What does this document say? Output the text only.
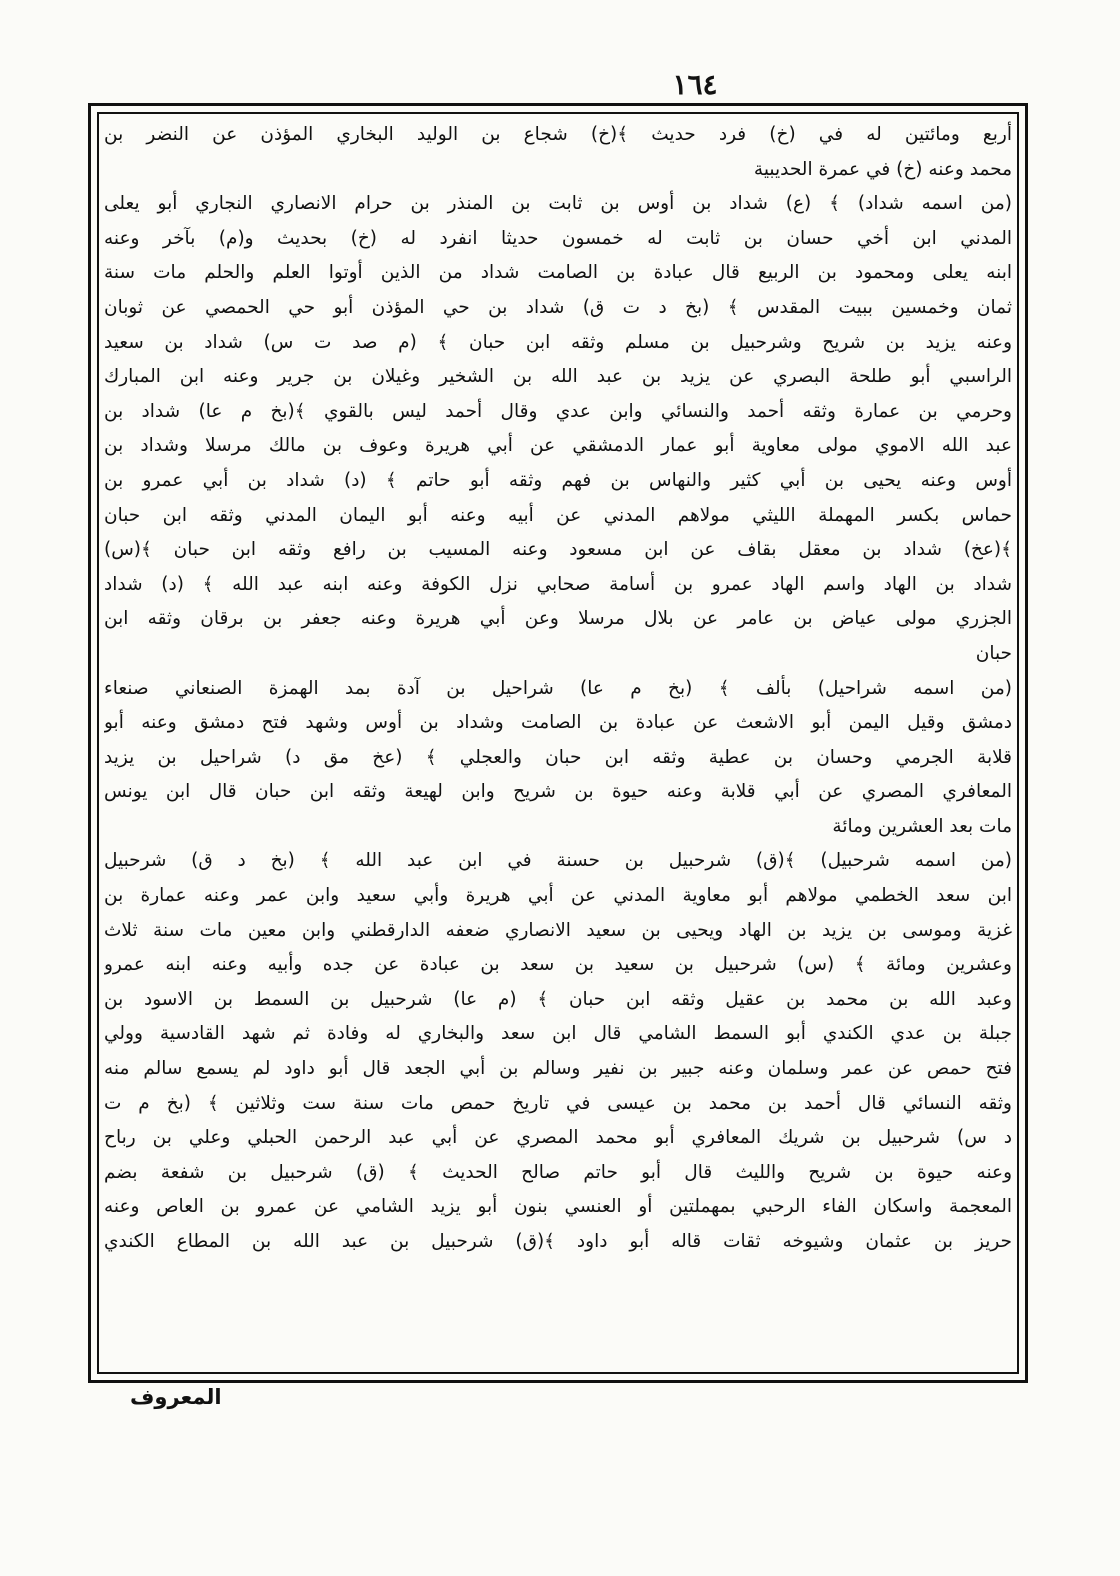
١٦٤
أربع ومائتين له في (خ) فرد حديث ﴾(خ) شجاع بن الوليد البخاري المؤذن عن النضر بن
محمد وعنه (خ) في عمرة الحديبية
(من اسمه شداد) ﴾ (ع) شداد بن أوس بن ثابت بن المنذر بن حرام الانصاري النجاري أبو يعلى
المدني ابن أخي حسان بن ثابت له خمسون حديثا انفرد له (خ) بحديث و(م) بآخر وعنه
ابنه يعلى ومحمود بن الربيع قال عبادة بن الصامت شداد من الذين أوتوا العلم والحلم مات سنة
ثمان وخمسين ببيت المقدس ﴾ (بخ د ت ق) شداد بن حي المؤذن أبو حي الحمصي عن ثوبان
وعنه يزيد بن شريح وشرحبيل بن مسلم وثقه ابن حبان ﴾ (م صد ت س) شداد بن سعيد
الراسبي أبو طلحة البصري عن يزيد بن عبد الله بن الشخير وغيلان بن جرير وعنه ابن المبارك
وحرمي بن عمارة وثقه أحمد والنسائي وابن عدي وقال أحمد ليس بالقوي ﴾(بخ م عا) شداد بن
عبد الله الاموي مولى معاوية أبو عمار الدمشقي عن أبي هريرة وعوف بن مالك مرسلا وشداد بن
أوس وعنه يحيى بن أبي كثير والنهاس بن فهم وثقه أبو حاتم ﴾ (د) شداد بن أبي عمرو بن
حماس بكسر المهملة الليثي مولاهم المدني عن أبيه وعنه أبو اليمان المدني وثقه ابن حبان
﴾(عخ) شداد بن معقل بقاف عن ابن مسعود وعنه المسيب بن رافع وثقه ابن حبان ﴾(س)
شداد بن الهاد واسم الهاد عمرو بن أسامة صحابي نزل الكوفة وعنه ابنه عبد الله ﴾ (د) شداد
الجزري مولى عياض بن عامر عن بلال مرسلا وعن أبي هريرة وعنه جعفر بن برقان وثقه ابن
حبان
(من اسمه شراحيل) بألف ﴾ (بخ م عا) شراحيل بن آدة بمد الهمزة الصنعاني صنعاء
دمشق وقيل اليمن أبو الاشعث عن عبادة بن الصامت وشداد بن أوس وشهد فتح دمشق وعنه أبو
قلابة الجرمي وحسان بن عطية وثقه ابن حبان والعجلي ﴾ (عخ مق د) شراحيل بن يزيد
المعافري المصري عن أبي قلابة وعنه حيوة بن شريح وابن لهيعة وثقه ابن حبان قال ابن يونس
مات بعد العشرين ومائة
(من اسمه شرحبيل) ﴾(ق) شرحبيل بن حسنة في ابن عبد الله ﴾ (بخ د ق) شرحبيل
ابن سعد الخطمي مولاهم أبو معاوية المدني عن أبي هريرة وأبي سعيد وابن عمر وعنه عمارة بن
غزية وموسى بن يزيد بن الهاد ويحيى بن سعيد الانصاري ضعفه الدارقطني وابن معين مات سنة ثلاث
وعشرين ومائة ﴾ (س) شرحبيل بن سعيد بن سعد بن عبادة عن جده وأبيه وعنه ابنه عمرو
وعبد الله بن محمد بن عقيل وثقه ابن حبان ﴾ (م عا) شرحبيل بن السمط بن الاسود بن
جبلة بن عدي الكندي أبو السمط الشامي قال ابن سعد والبخاري له وفادة ثم شهد القادسية وولي
فتح حمص عن عمر وسلمان وعنه جبير بن نفير وسالم بن أبي الجعد قال أبو داود لم يسمع سالم منه
وثقه النسائي قال أحمد بن محمد بن عيسى في تاريخ حمص مات سنة ست وثلاثين ﴾ (بخ م ت
د س) شرحبيل بن شريك المعافري أبو محمد المصري عن أبي عبد الرحمن الحبلي وعلي بن رباح
وعنه حيوة بن شريح والليث قال أبو حاتم صالح الحديث ﴾ (ق) شرحبيل بن شفعة بضم
المعجمة واسكان الفاء الرحبي بمهملتين أو العنسي بنون أبو يزيد الشامي عن عمرو بن العاص وعنه
حريز بن عثمان وشيوخه ثقات قاله أبو داود ﴾(ق) شرحبيل بن عبد الله بن المطاع الكندي
المعروف
